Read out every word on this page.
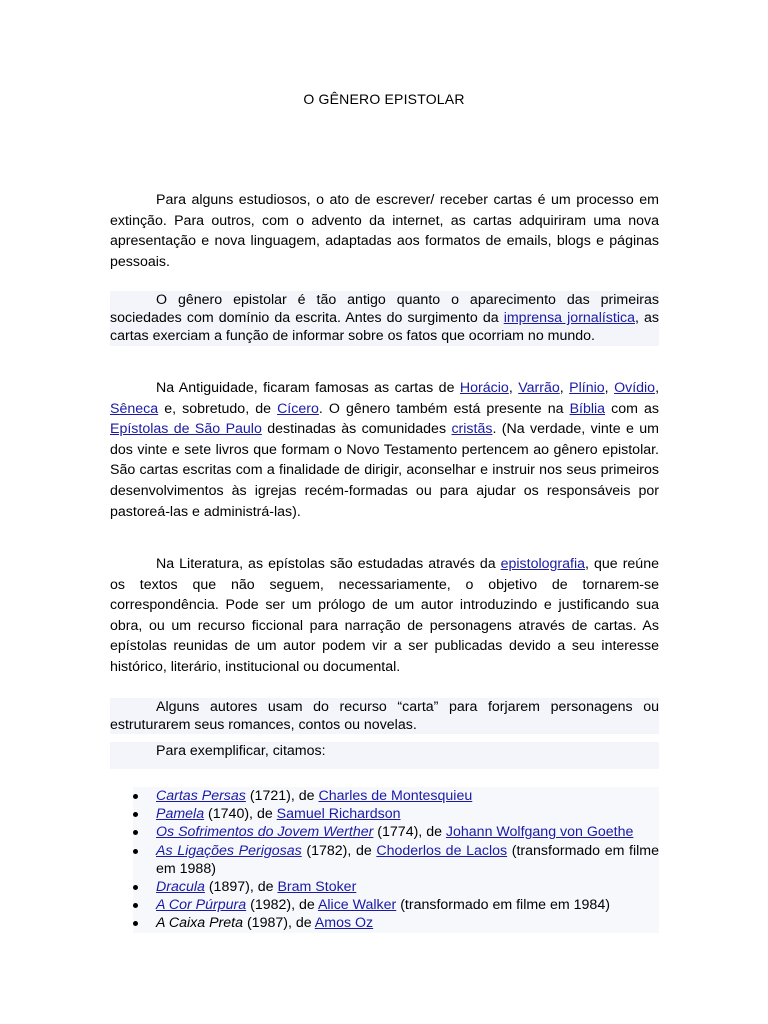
O GÊNERO EPISTOLAR
Para alguns estudiosos, o ato de escrever/ receber cartas é um processo em extinção. Para outros, com o advento da internet, as cartas adquiriram uma nova apresentação e nova linguagem, adaptadas aos formatos de emails, blogs e páginas pessoais.
O gênero epistolar é tão antigo quanto o aparecimento das primeiras sociedades com domínio da escrita. Antes do surgimento da imprensa jornalística, as cartas exerciam a função de informar sobre os fatos que ocorriam no mundo.
Na Antiguidade, ficaram famosas as cartas de Horácio, Varrão, Plínio, Ovídio, Sêneca e, sobretudo, de Cícero. O gênero também está presente na Bíblia com as Epístolas de São Paulo destinadas às comunidades cristãs. (Na verdade, vinte e um dos vinte e sete livros que formam o Novo Testamento pertencem ao gênero epistolar. São cartas escritas com a finalidade de dirigir, aconselhar e instruir nos seus primeiros desenvolvimentos às igrejas recém-formadas ou para ajudar os responsáveis por pastoreá-las e administrá-las).
Na Literatura, as epístolas são estudadas através da epistolografia, que reúne os textos que não seguem, necessariamente, o objetivo de tornarem-se correspondência. Pode ser um prólogo de um autor introduzindo e justificando sua obra, ou um recurso ficcional para narração de personagens através de cartas. As epístolas reunidas de um autor podem vir a ser publicadas devido a seu interesse histórico, literário, institucional ou documental.
Alguns autores usam do recurso “carta” para forjarem personagens ou estruturarem seus romances, contos ou novelas.
Para exemplificar, citamos:
Cartas Persas (1721), de Charles de Montesquieu
Pamela (1740), de Samuel Richardson
Os Sofrimentos do Jovem Werther (1774), de Johann Wolfgang von Goethe
As Ligações Perigosas (1782), de Choderlos de Laclos (transformado em filme em 1988)
Dracula (1897), de Bram Stoker
A Cor Púrpura (1982), de Alice Walker (transformado em filme em 1984)
A Caixa Preta (1987), de Amos Oz
